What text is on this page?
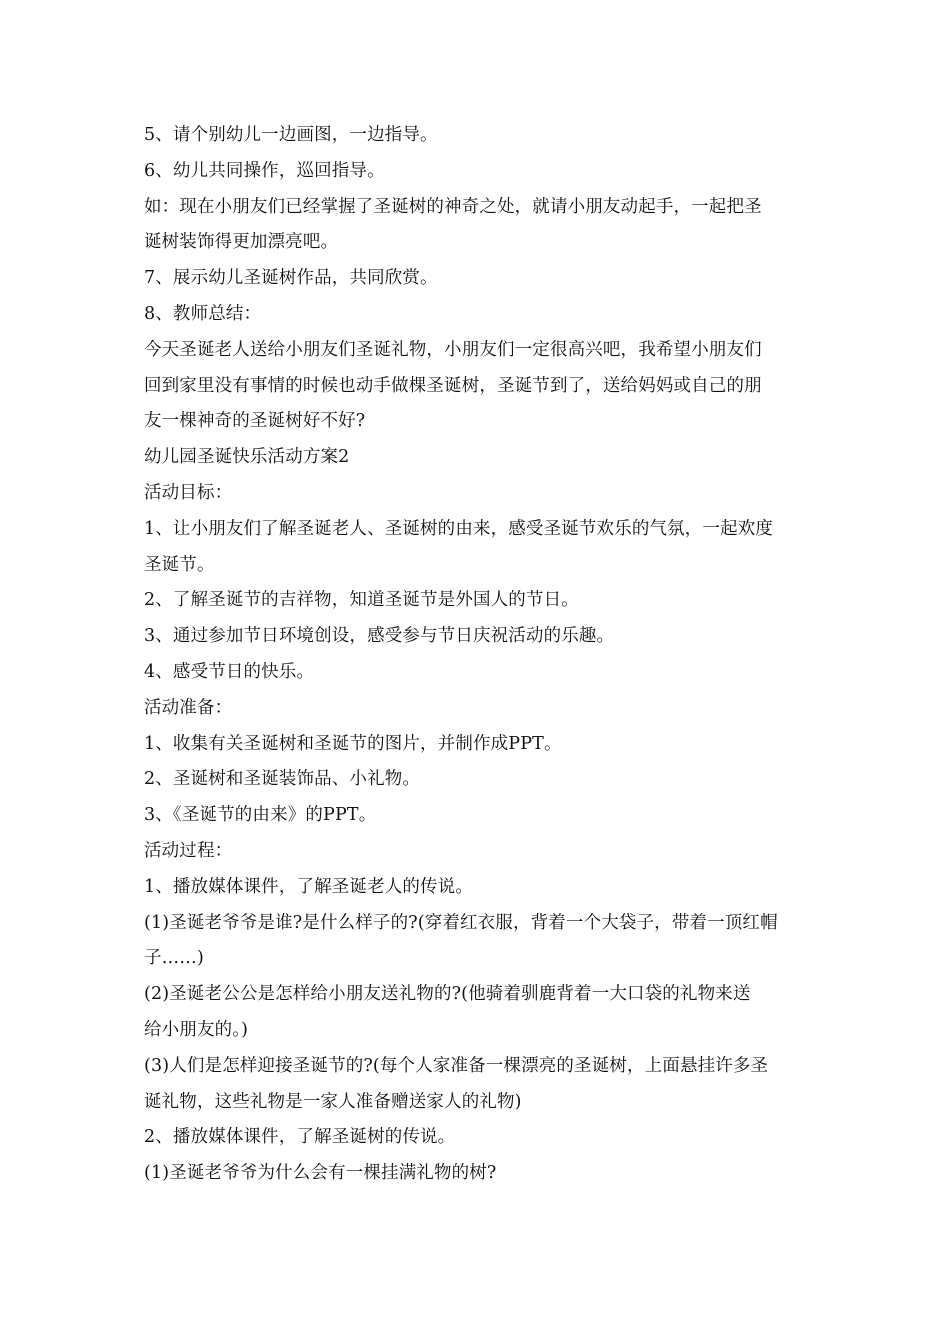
5、请个别幼儿一边画图，一边指导。
6、幼儿共同操作，巡回指导。
如：现在小朋友们已经掌握了圣诞树的神奇之处，就请小朋友动起手，一起把圣
诞树装饰得更加漂亮吧。
7、展示幼儿圣诞树作品，共同欣赏。
8、教师总结：
今天圣诞老人送给小朋友们圣诞礼物，小朋友们一定很高兴吧，我希望小朋友们
回到家里没有事情的时候也动手做棵圣诞树，圣诞节到了，送给妈妈或自己的朋
友一棵神奇的圣诞树好不好?
幼儿园圣诞快乐活动方案2
活动目标：
1、让小朋友们了解圣诞老人、圣诞树的由来，感受圣诞节欢乐的气氛，一起欢度
圣诞节。
2、了解圣诞节的吉祥物，知道圣诞节是外国人的节日。
3、通过参加节日环境创设，感受参与节日庆祝活动的乐趣。
4、感受节日的快乐。
活动准备：
1、收集有关圣诞树和圣诞节的图片，并制作成PPT。
2、圣诞树和圣诞装饰品、小礼物。
3、《圣诞节的由来》的PPT。
活动过程：
1、播放媒体课件，了解圣诞老人的传说。
(1)圣诞老爷爷是谁?是什么样子的?(穿着红衣服，背着一个大袋子，带着一顶红帽
子……)
(2)圣诞老公公是怎样给小朋友送礼物的?(他骑着驯鹿背着一大口袋的礼物来送
给小朋友的。)
(3)人们是怎样迎接圣诞节的?(每个人家准备一棵漂亮的圣诞树，上面悬挂许多圣
诞礼物，这些礼物是一家人准备赠送家人的礼物)
2、播放媒体课件，了解圣诞树的传说。
(1)圣诞老爷爷为什么会有一棵挂满礼物的树?
